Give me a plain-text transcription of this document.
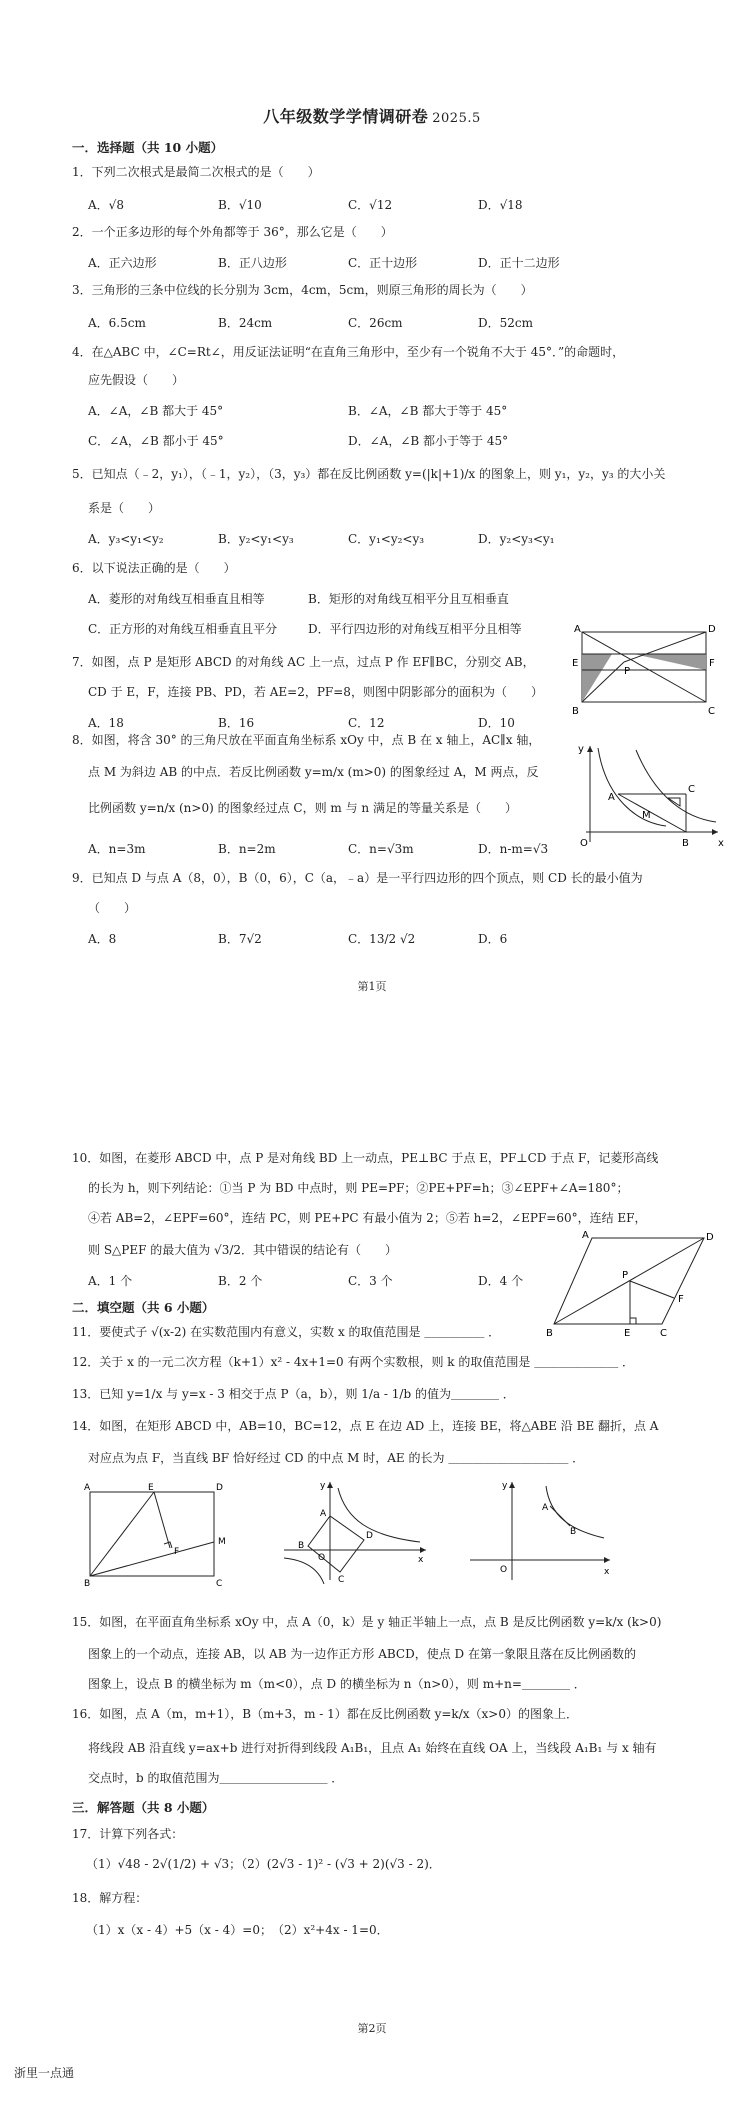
八年级数学学情调研卷 2025.5
一．选择题（共 10 小题）
1．下列二次根式是最简二次根式的是（　　）
A．√8	B．√10	C．√12	D．√18
2．一个正多边形的每个外角都等于 36°，那么它是（　　）
A．正六边形	B．正八边形	C．正十边形	D．正十二边形
3．三角形的三条中位线的长分别为 3cm，4cm，5cm，则原三角形的周长为（　　）
A．6.5cm	B．24cm	C．26cm	D．52cm
4．在△ABC 中，∠C=Rt∠，用反证法证明“在直角三角形中，至少有一个锐角不大于 45°．”的命题时，
应先假设（　　）
A．∠A，∠B 都大于 45°	B．∠A，∠B 都大于等于 45°
C．∠A，∠B 都小于 45°	D．∠A，∠B 都小于等于 45°
5．已知点（﹣2，y₁），（﹣1，y₂），（3，y₃）都在反比例函数 y=(|k|+1)/x 的图象上，则 y₁，y₂，y₃ 的大小关
系是（　　）
A．y₃<y₁<y₂	B．y₂<y₁<y₃	C．y₁<y₂<y₃	D．y₂<y₃<y₁
6．以下说法正确的是（　　）
A．菱形的对角线互相垂直且相等	B．矩形的对角线互相平分且互相垂直
C．正方形的对角线互相垂直且平分	D．平行四边形的对角线互相平分且相等	A	D
E	F
P
B	C
7．如图，点 P 是矩形 ABCD 的对角线 AC 上一点，过点 P 作 EF∥BC，分别交 AB，
CD 于 E，F，连接 PB、PD，若 AE=2，PF=8，则图中阴影部分的面积为（　　）
A．18	B．16	C．12	D．10
y
x
O
A
C
M
B
8．如图，将含 30° 的三角尺放在平面直角坐标系 xOy 中，点 B 在 x 轴上，AC∥x 轴，
点 M 为斜边 AB 的中点．若反比例函数 y=m/x (m>0) 的图象经过 A，M 两点，反
比例函数 y=n/x (n>0) 的图象经过点 C，则 m 与 n 满足的等量关系是（　　）
A．n=3m	B．n=2m	C．n=√3m	D．n-m=√3
9．已知点 D 与点 A（8，0），B（0，6），C（a，﹣a）是一平行四边形的四个顶点，则 CD 长的最小值为
（　　）
A．8	B．7√2	C．13/2 √2	D．6
第1页
10．如图，在菱形 ABCD 中，点 P 是对角线 BD 上一动点，PE⊥BC 于点 E，PF⊥CD 于点 F，记菱形高线
的长为 h，则下列结论：①当 P 为 BD 中点时，则 PE=PF；②PE+PF=h；③∠EPF+∠A=180°；
④若 AB=2，∠EPF=60°，连结 PC，则 PE+PC 有最小值为 2；⑤若 h=2，∠EPF=60°，连结 EF，
则 S△PEF 的最大值为 √3/2．其中错误的结论有（　　）
A	D
B	E	C
P
F
A．1 个	B．2 个	C．3 个	D．4 个
二．填空题（共 6 小题）
11．要使式子 √(x-2) 在实数范围内有意义，实数 x 的取值范围是 ＿＿＿＿＿ ．
12．关于 x 的一元二次方程（k+1）x² - 4x+1=0 有两个实数根，则 k 的取值范围是 ＿＿＿＿＿＿＿ ．
13．已知 y=1/x 与 y=x - 3 相交于点 P（a，b），则 1/a - 1/b 的值为＿＿＿＿ ．
14．如图，在矩形 ABCD 中，AB=10，BC=12，点 E 在边 AD 上，连接 BE，将△ABE 沿 BE 翻折，点 A
对应点为点 F，当直线 BF 恰好经过 CD 的中点 M 时，AE 的长为 ＿＿＿＿＿＿＿＿＿＿ ．
A	E	D
M
F
B	C
y
x
O
A
B
C
D
y
x
O
A
B
15．如图，在平面直角坐标系 xOy 中，点 A（0，k）是 y 轴正半轴上一点，点 B 是反比例函数 y=k/x (k>0)
图象上的一个动点，连接 AB，以 AB 为一边作正方形 ABCD，使点 D 在第一象限且落在反比例函数的
图象上，设点 B 的横坐标为 m（m<0），点 D 的横坐标为 n（n>0），则 m+n=＿＿＿＿ ．
16．如图，点 A（m，m+1），B（m+3，m - 1）都在反比例函数 y=k/x（x>0）的图象上．
将线段 AB 沿直线 y=ax+b 进行对折得到线段 A₁B₁，且点 A₁ 始终在直线 OA 上，当线段 A₁B₁ 与 x 轴有
交点时，b 的取值范围为＿＿＿＿＿＿＿＿＿ ．
三．解答题（共 8 小题）
17．计算下列各式：
（1）√48 - 2√(1/2) + √3；（2）(2√3 - 1)² - (√3 + 2)(√3 - 2)．
18．解方程：
（1）x（x - 4）+5（x - 4）=0；　（2）x²+4x - 1=0．
第2页
浙里一点通
